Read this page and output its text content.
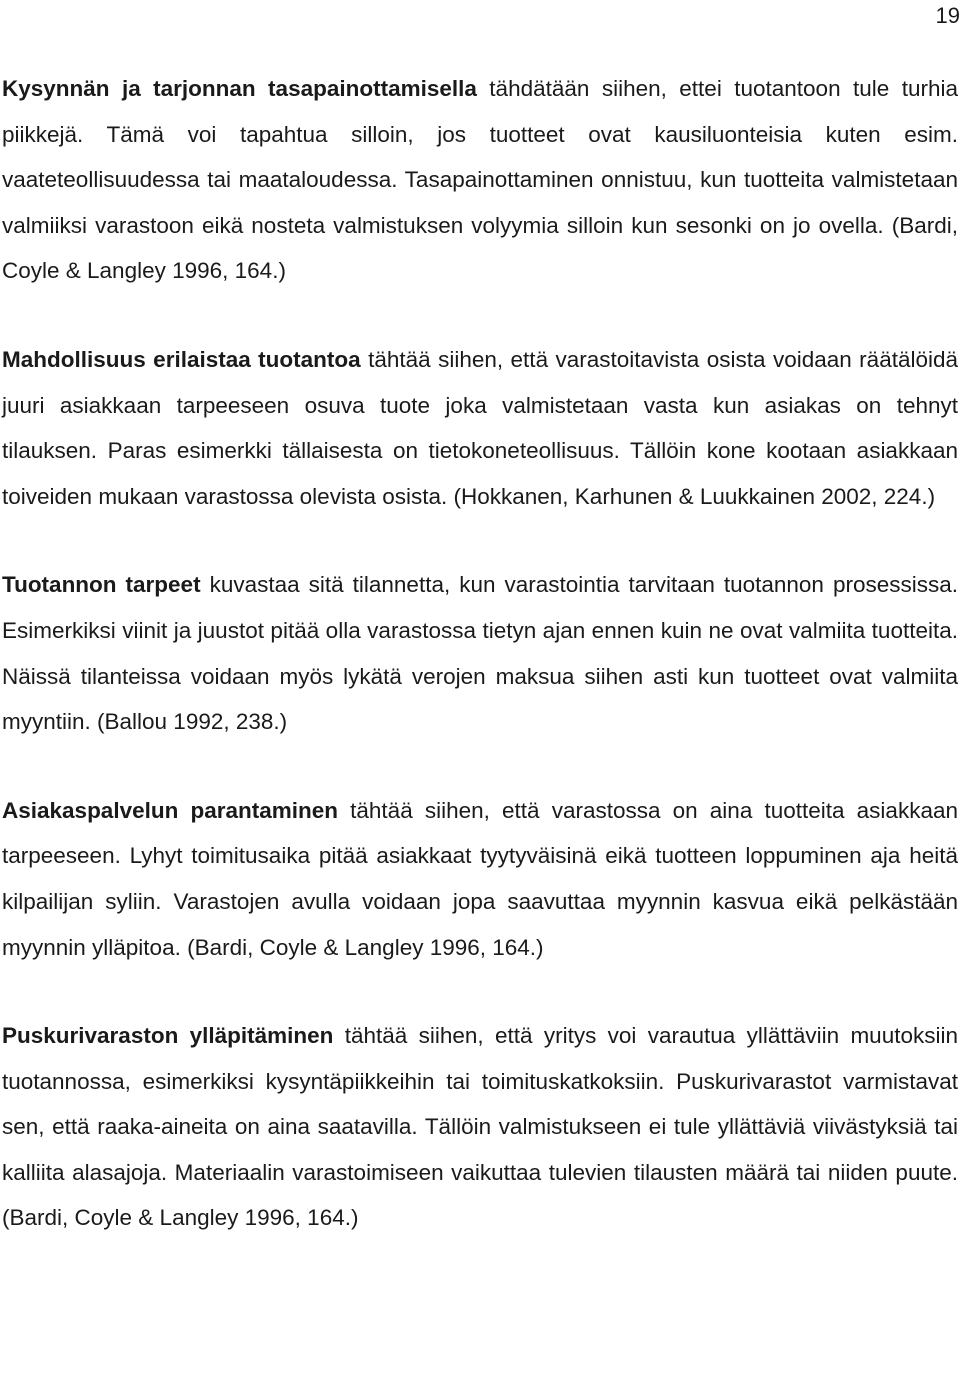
19

Kysynnän ja tarjonnan tasapainottamisella tähdätään siihen, ettei tuotantoon tule turhia piikkejä. Tämä voi tapahtua silloin, jos tuotteet ovat kausiluonteisia kuten esim. vaateteollisuudessa tai maataloudessa. Tasapainottaminen onnistuu, kun tuotteita valmistetaan valmiiksi varastoon eikä nosteta valmistuksen volyymia silloin kun sesonki on jo ovella. (Bardi, Coyle & Langley 1996, 164.)

Mahdollisuus erilaistaa tuotantoa tähtää siihen, että varastoitavista osista voidaan räätälöidä juuri asiakkaan tarpeeseen osuva tuote joka valmistetaan vasta kun asiakas on tehnyt tilauksen. Paras esimerkki tällaisesta on tietokoneteollisuus. Tällöin kone kootaan asiakkaan toiveiden mukaan varastossa olevista osista. (Hokkanen, Karhunen & Luukkainen 2002, 224.)

Tuotannon tarpeet kuvastaa sitä tilannetta, kun varastointia tarvitaan tuotannon prosessissa. Esimerkiksi viinit ja juustot pitää olla varastossa tietyn ajan ennen kuin ne ovat valmiita tuotteita. Näissä tilanteissa voidaan myös lykätä verojen maksua siihen asti kun tuotteet ovat valmiita myyntiin. (Ballou 1992, 238.)

Asiakaspalvelun parantaminen tähtää siihen, että varastossa on aina tuotteita asiakkaan tarpeeseen. Lyhyt toimitusaika pitää asiakkaat tyytyväisinä eikä tuotteen loppuminen aja heitä kilpailijan syliin. Varastojen avulla voidaan jopa saavuttaa myynnin kasvua eikä pelkästään myynnin ylläpitoa. (Bardi, Coyle & Langley 1996, 164.)

Puskurivaraston ylläpitäminen tähtää siihen, että yritys voi varautua yllättäviin muutoksiin tuotannossa, esimerkiksi kysyntäpiikkeihin tai toimituskatkoksiin. Puskurivarastot varmistavat sen, että raaka-aineita on aina saatavilla. Tällöin valmistukseen ei tule yllättäviä viivästyksiä tai kalliita alasajoja. Materiaalin varastoimiseen vaikuttaa tulevien tilausten määrä tai niiden puute. (Bardi, Coyle & Langley 1996, 164.)
